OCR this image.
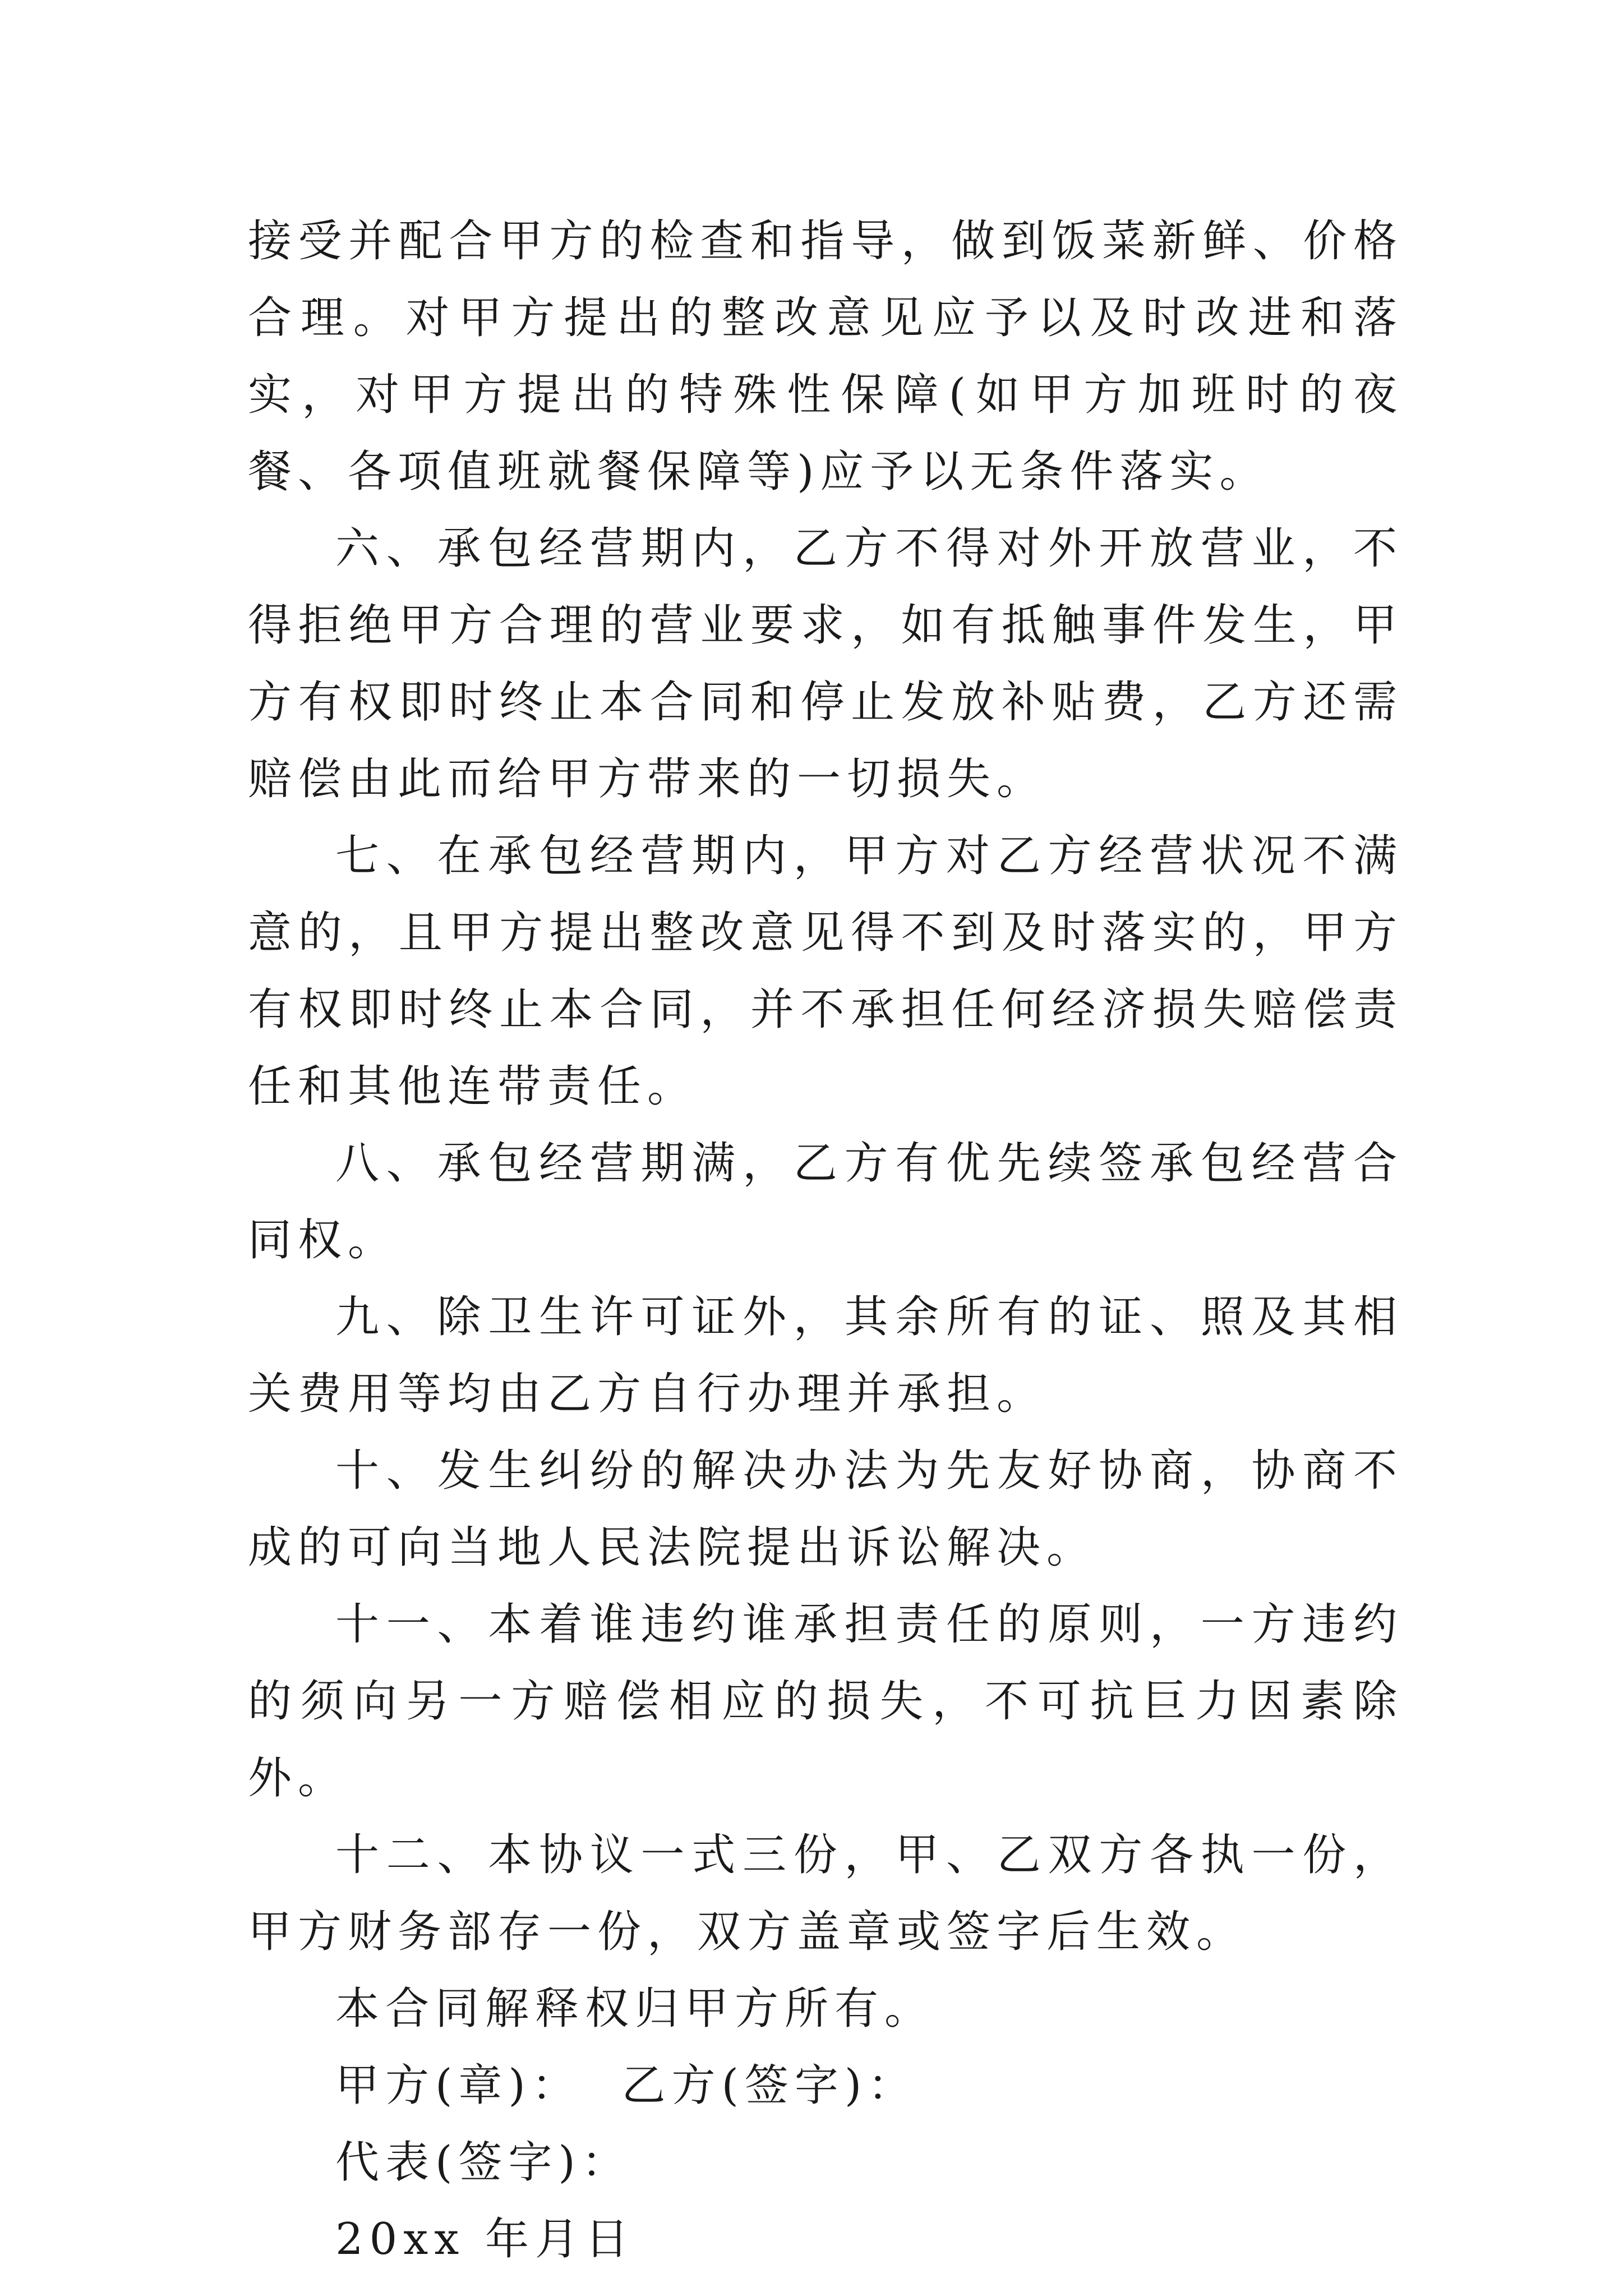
接受并配合甲方的检查和指导，做到饭菜新鲜、价格合理。对甲方提出的整改意见应予以及时改进和落实，对甲方提出的特殊性保障(如甲方加班时的夜餐、各项值班就餐保障等)应予以无条件落实。

六、承包经营期内，乙方不得对外开放营业，不得拒绝甲方合理的营业要求，如有抵触事件发生，甲方有权即时终止本合同和停止发放补贴费，乙方还需赔偿由此而给甲方带来的一切损失。

七、在承包经营期内，甲方对乙方经营状况不满意的，且甲方提出整改意见得不到及时落实的，甲方有权即时终止本合同，并不承担任何经济损失赔偿责任和其他连带责任。

八、承包经营期满，乙方有优先续签承包经营合同权。

九、除卫生许可证外，其余所有的证、照及其相关费用等均由乙方自行办理并承担。

十、发生纠纷的解决办法为先友好协商，协商不成的可向当地人民法院提出诉讼解决。

十一、本着谁违约谁承担责任的原则，一方违约的须向另一方赔偿相应的损失，不可抗巨力因素除外。

十二、本协议一式三份，甲、乙双方各执一份，甲方财务部存一份，双方盖章或签字后生效。

本合同解释权归甲方所有。

甲方(章)：  乙方(签字)：

代表(签字)：

20xx 年月日
